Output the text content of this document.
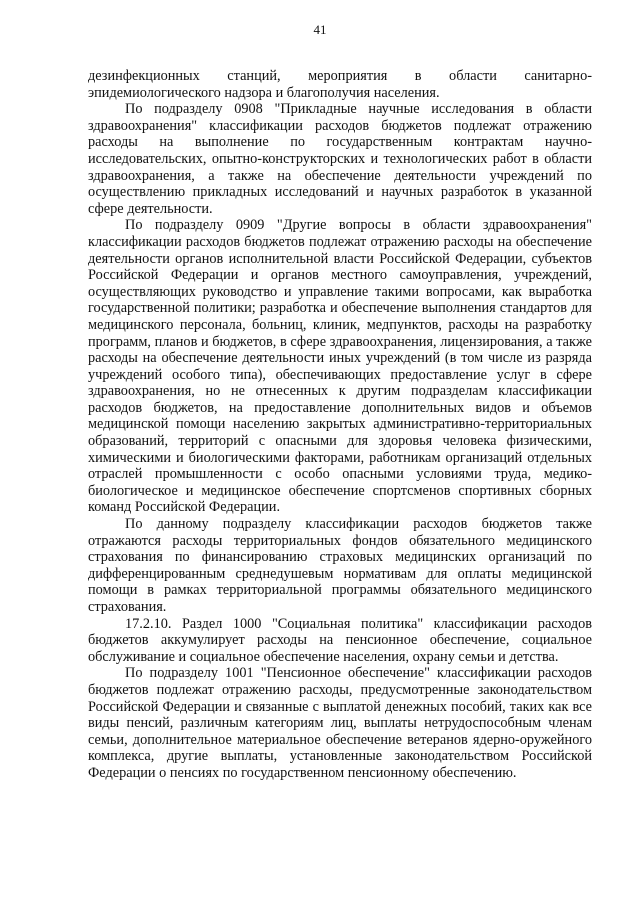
41

дезинфекционных станций, мероприятия в области санитарно-эпидемиологического надзора и благополучия населения.

По подразделу 0908 "Прикладные научные исследования в области здравоохранения" классификации расходов бюджетов подлежат отражению расходы на выполнение по государственным контрактам научно-исследовательских, опытно-конструкторских и технологических работ в области здравоохранения, а также на обеспечение деятельности учреждений по осуществлению прикладных исследований и научных разработок в указанной сфере деятельности.

По подразделу 0909 "Другие вопросы в области здравоохранения" классификации расходов бюджетов подлежат отражению расходы на обеспечение деятельности органов исполнительной власти Российской Федерации, субъектов Российской Федерации и органов местного самоуправления, учреждений, осуществляющих руководство и управление такими вопросами, как выработка государственной политики; разработка и обеспечение выполнения стандартов для медицинского персонала, больниц, клиник, медпунктов, расходы на разработку программ, планов и бюджетов, в сфере здравоохранения, лицензирования, а также расходы на обеспечение деятельности иных учреждений (в том числе из разряда учреждений особого типа), обеспечивающих предоставление услуг в сфере здравоохранения, но не отнесенных к другим подразделам классификации расходов бюджетов, на предоставление дополнительных видов и объемов медицинской помощи населению закрытых административно-территориальных образований, территорий с опасными для здоровья человека физическими, химическими и биологическими факторами, работникам организаций отдельных отраслей промышленности с особо опасными условиями труда, медико-биологическое и медицинское обеспечение спортсменов спортивных сборных команд Российской Федерации.

По данному подразделу классификации расходов бюджетов также отражаются расходы территориальных фондов обязательного медицинского страхования по финансированию страховых медицинских организаций по дифференцированным среднедушевым нормативам для оплаты медицинской помощи в рамках территориальной программы обязательного медицинского страхования.

17.2.10. Раздел 1000 "Социальная политика" классификации расходов бюджетов аккумулирует расходы на пенсионное обеспечение, социальное обслуживание и социальное обеспечение населения, охрану семьи и детства.

По подразделу 1001 "Пенсионное обеспечение" классификации расходов бюджетов подлежат отражению расходы, предусмотренные законодательством Российской Федерации и связанные с выплатой денежных пособий, таких как все виды пенсий, различным категориям лиц, выплаты нетрудоспособным членам семьи, дополнительное материальное обеспечение ветеранов ядерно-оружейного комплекса, другие выплаты, установленные законодательством Российской Федерации о пенсиях по государственном пенсионному обеспечению.
